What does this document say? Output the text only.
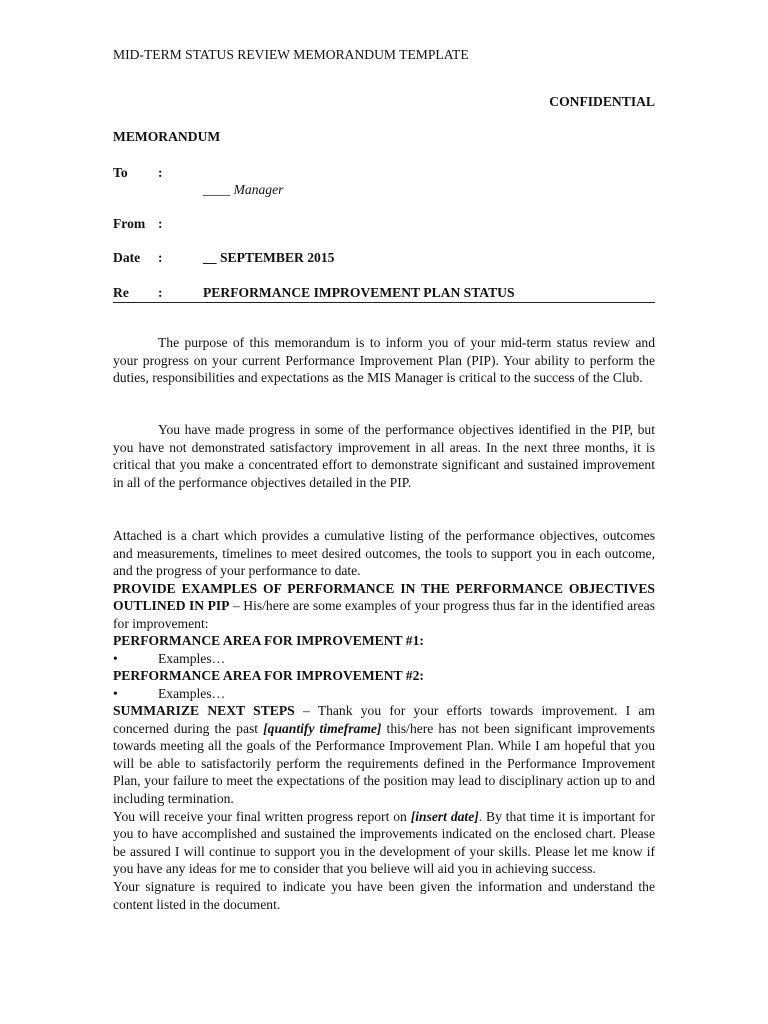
MID-TERM STATUS REVIEW MEMORANDUM TEMPLATE
CONFIDENTIAL
MEMORANDUM
To :
____ Manager
From :
Date :	__ SEPTEMBER 2015
Re :	PERFORMANCE IMPROVEMENT PLAN STATUS
The purpose of this memorandum is to inform you of your mid-term status review and your progress on your current Performance Improvement Plan (PIP). Your ability to perform the duties, responsibilities and expectations as the MIS Manager is critical to the success of the Club.
You have made progress in some of the performance objectives identified in the PIP, but you have not demonstrated satisfactory improvement in all areas. In the next three months, it is critical that you make a concentrated effort to demonstrate significant and sustained improvement in all of the performance objectives detailed in the PIP.
Attached is a chart which provides a cumulative listing of the performance objectives, outcomes and measurements, timelines to meet desired outcomes, the tools to support you in each outcome, and the progress of your performance to date.
PROVIDE EXAMPLES OF PERFORMANCE IN THE PERFORMANCE OBJECTIVES OUTLINED IN PIP – His/here are some examples of your progress thus far in the identified areas for improvement:
PERFORMANCE AREA FOR IMPROVEMENT #1:
•	Examples…
PERFORMANCE AREA FOR IMPROVEMENT #2:
•	Examples…
SUMMARIZE NEXT STEPS – Thank you for your efforts towards improvement. I am concerned during the past [quantify timeframe] this/here has not been significant improvements towards meeting all the goals of the Performance Improvement Plan. While I am hopeful that you will be able to satisfactorily perform the requirements defined in the Performance Improvement Plan, your failure to meet the expectations of the position may lead to disciplinary action up to and including termination.
You will receive your final written progress report on [insert date]. By that time it is important for you to have accomplished and sustained the improvements indicated on the enclosed chart. Please be assured I will continue to support you in the development of your skills. Please let me know if you have any ideas for me to consider that you believe will aid you in achieving success.
Your signature is required to indicate you have been given the information and understand the content listed in the document.
